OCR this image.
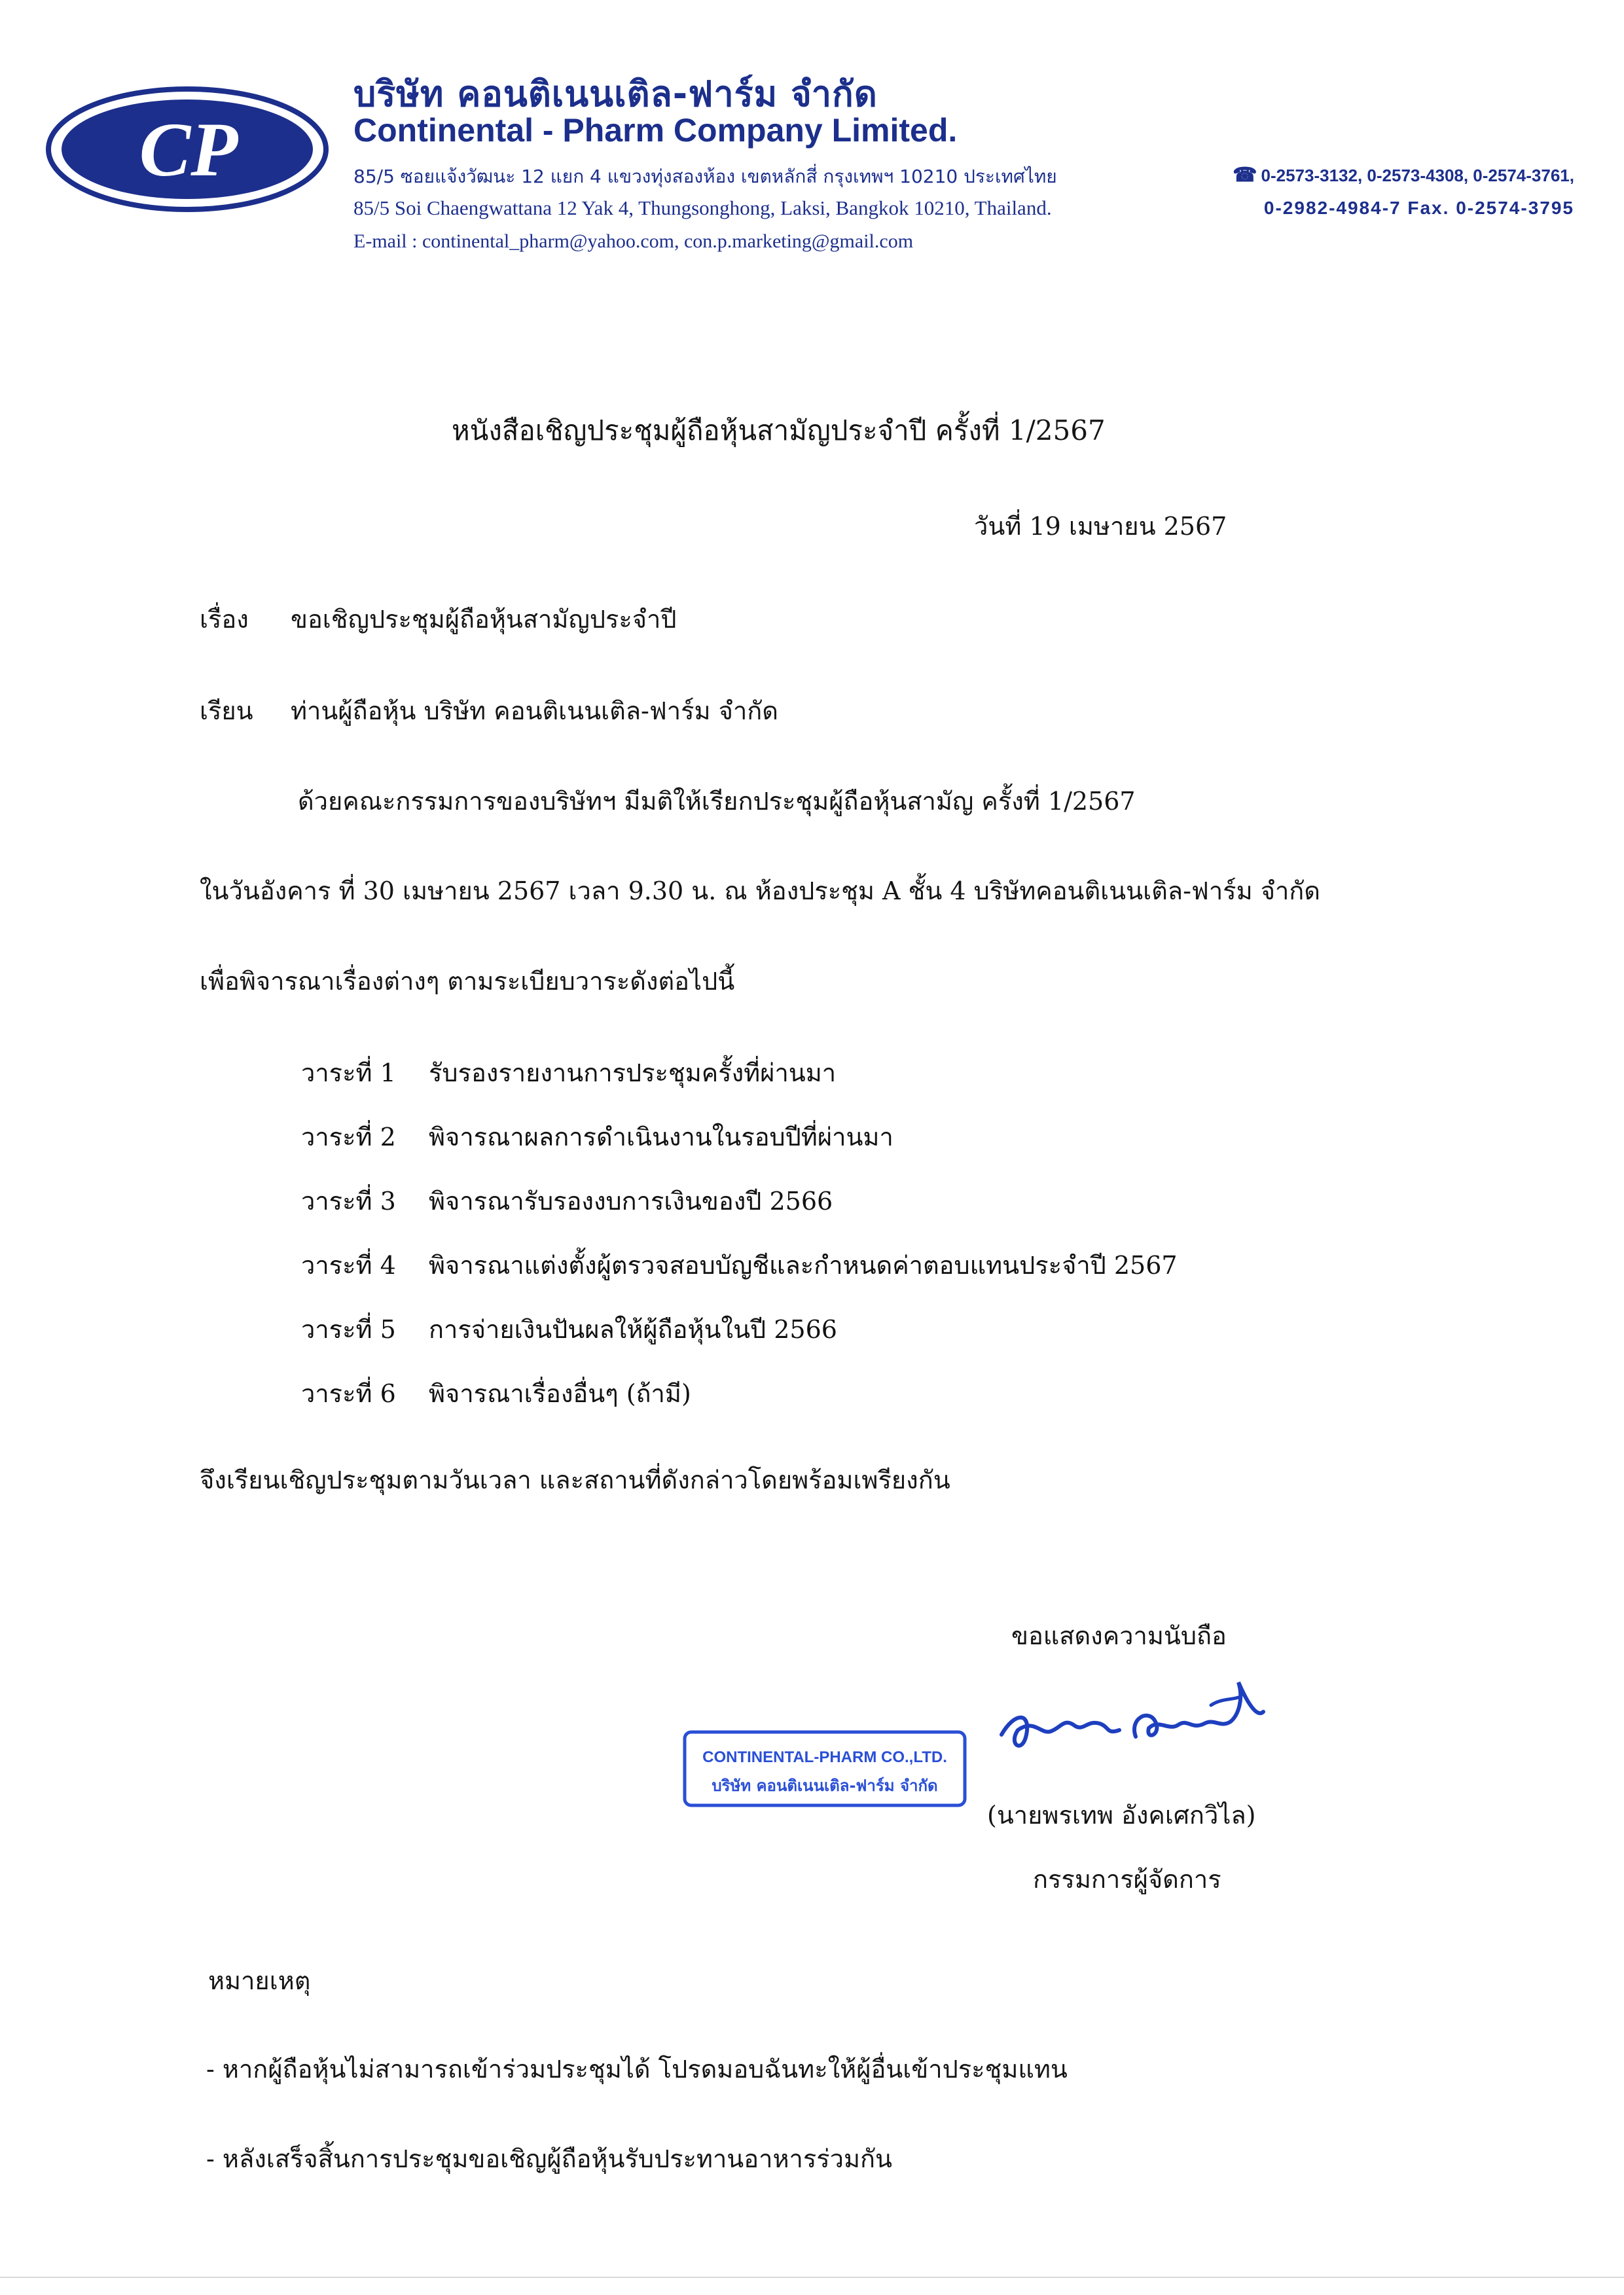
CP
บริษัท คอนติเนนเติล-ฟาร์ม จำกัด
Continental - Pharm Company Limited.
85/5 ซอยแจ้งวัฒนะ 12 แยก 4 แขวงทุ่งสองห้อง เขตหลักสี่ กรุงเทพฯ 10210 ประเทศไทย
85/5 Soi Chaengwattana 12 Yak 4, Thungsonghong, Laksi, Bangkok 10210, Thailand.
E-mail : continental_pharm@yahoo.com, con.p.marketing@gmail.com
☎ 0-2573-3132, 0-2573-4308, 0-2574-3761,
0-2982-4984-7 Fax. 0-2574-3795
หนังสือเชิญประชุมผู้ถือหุ้นสามัญประจำปี ครั้งที่ 1/2567
วันที่ 19 เมษายน 2567
เรื่อง ขอเชิญประชุมผู้ถือหุ้นสามัญประจำปี
เรียน ท่านผู้ถือหุ้น บริษัท คอนติเนนเติล-ฟาร์ม จำกัด
ด้วยคณะกรรมการของบริษัทฯ มีมติให้เรียกประชุมผู้ถือหุ้นสามัญ ครั้งที่ 1/2567
ในวันอังคาร ที่ 30 เมษายน 2567 เวลา 9.30 น. ณ ห้องประชุม A ชั้น 4 บริษัทคอนติเนนเติล-ฟาร์ม จำกัด
เพื่อพิจารณาเรื่องต่างๆ ตามระเบียบวาระดังต่อไปนี้
วาระที่ 1 รับรองรายงานการประชุมครั้งที่ผ่านมา
วาระที่ 2 พิจารณาผลการดำเนินงานในรอบปีที่ผ่านมา
วาระที่ 3 พิจารณารับรองงบการเงินของปี 2566
วาระที่ 4 พิจารณาแต่งตั้งผู้ตรวจสอบบัญชีและกำหนดค่าตอบแทนประจำปี 2567
วาระที่ 5 การจ่ายเงินปันผลให้ผู้ถือหุ้นในปี 2566
วาระที่ 6 พิจารณาเรื่องอื่นๆ (ถ้ามี)
จึงเรียนเชิญประชุมตามวันเวลา และสถานที่ดังกล่าวโดยพร้อมเพรียงกัน
ขอแสดงความนับถือ
CONTINENTAL-PHARM CO.,LTD.
บริษัท คอนติเนนเติล-ฟาร์ม จำกัด
(นายพรเทพ อังคเศกวิไล)
กรรมการผู้จัดการ
หมายเหตุ
- หากผู้ถือหุ้นไม่สามารถเข้าร่วมประชุมได้ โปรดมอบฉันทะให้ผู้อื่นเข้าประชุมแทน
- หลังเสร็จสิ้นการประชุมขอเชิญผู้ถือหุ้นรับประทานอาหารร่วมกัน
